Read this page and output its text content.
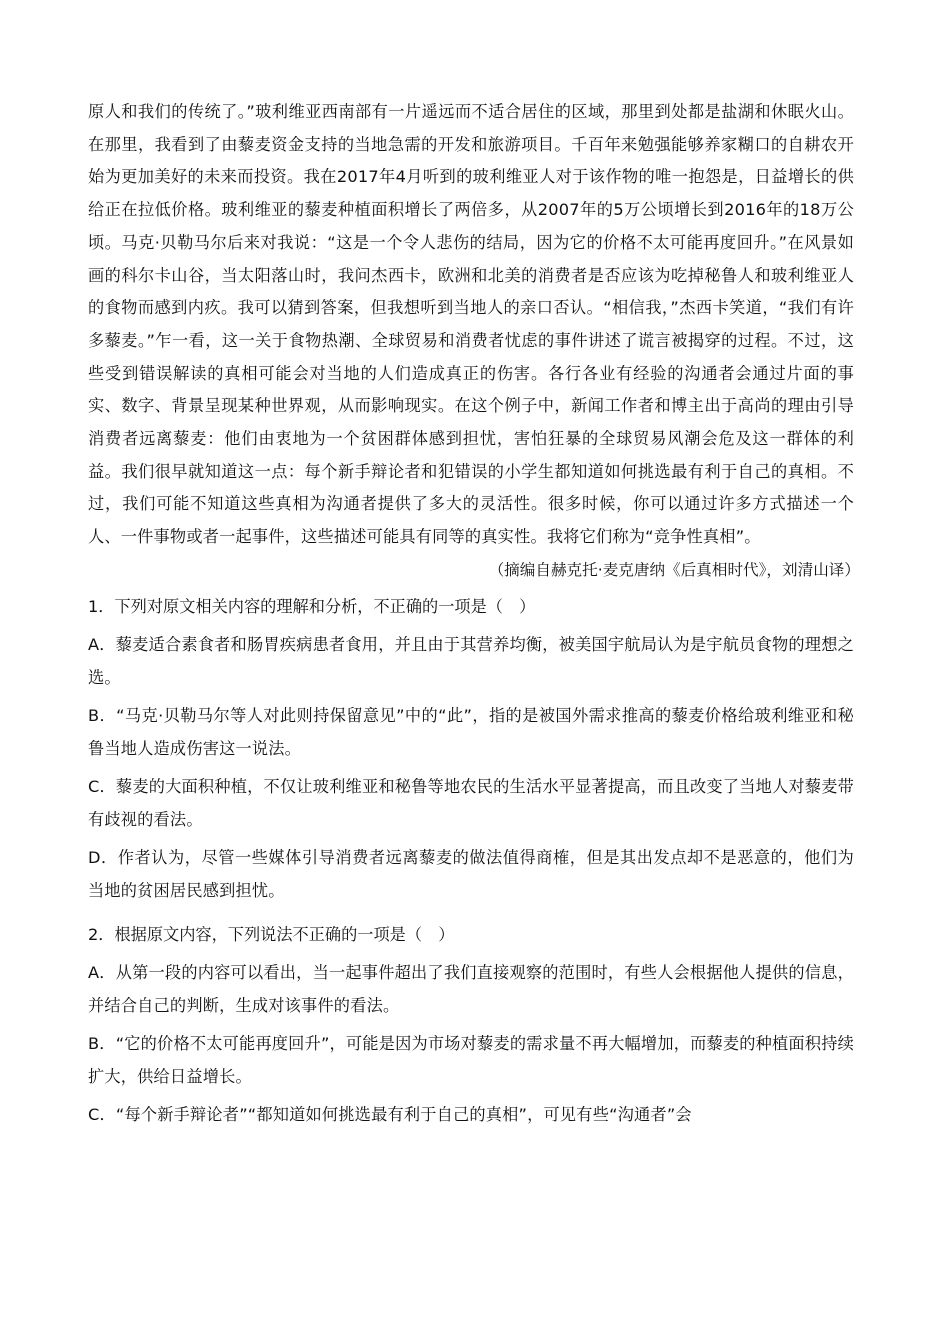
原人和我们的传统了。”玻利维亚西南部有一片遥远而不适合居住的区域，那里到处都是盐湖和休眠火山。在那里，我看到了由藜麦资金支持的当地急需的开发和旅游项目。千百年来勉强能够养家糊口的自耕农开始为更加美好的未来而投资。我在2017年4月听到的玻利维亚人对于该作物的唯一抱怨是，日益增长的供给正在拉低价格。玻利维亚的藜麦种植面积增长了两倍多，从2007年的5万公顷增长到2016年的18万公顷。马克·贝勒马尔后来对我说：“这是一个令人悲伤的结局，因为它的价格不太可能再度回升。”在风景如画的科尔卡山谷，当太阳落山时，我问杰西卡，欧洲和北美的消费者是否应该为吃掉秘鲁人和玻利维亚人的食物而感到内疚。我可以猜到答案，但我想听到当地人的亲口否认。“相信我，”杰西卡笑道，“我们有许多藜麦。”乍一看，这一关于食物热潮、全球贸易和消费者忧虑的事件讲述了谎言被揭穿的过程。不过，这些受到错误解读的真相可能会对当地的人们造成真正的伤害。各行各业有经验的沟通者会通过片面的事实、数字、背景呈现某种世界观，从而影响现实。在这个例子中，新闻工作者和博主出于高尚的理由引导消费者远离藜麦：他们由衷地为一个贫困群体感到担忧，害怕狂暴的全球贸易风潮会危及这一群体的利益。我们很早就知道这一点：每个新手辩论者和犯错误的小学生都知道如何挑选最有利于自己的真相。不过，我们可能不知道这些真相为沟通者提供了多大的灵活性。很多时候，你可以通过许多方式描述一个人、一件事物或者一起事件，这些描述可能具有同等的真实性。我将它们称为“竞争性真相”。

（摘编自赫克托·麦克唐纳《后真相时代》，刘清山译）

1．下列对原文相关内容的理解和分析，不正确的一项是（　）

A．藜麦适合素食者和肠胃疾病患者食用，并且由于其营养均衡，被美国宇航局认为是宇航员食物的理想之选。

B．“马克·贝勒马尔等人对此则持保留意见”中的“此”，指的是被国外需求推高的藜麦价格给玻利维亚和秘鲁当地人造成伤害这一说法。

C．藜麦的大面积种植，不仅让玻利维亚和秘鲁等地农民的生活水平显著提高，而且改变了当地人对藜麦带有歧视的看法。

D．作者认为，尽管一些媒体引导消费者远离藜麦的做法值得商榷，但是其出发点却不是恶意的，他们为当地的贫困居民感到担忧。

2．根据原文内容，下列说法不正确的一项是（　）

A．从第一段的内容可以看出，当一起事件超出了我们直接观察的范围时，有些人会根据他人提供的信息，并结合自己的判断，生成对该事件的看法。

B．“它的价格不太可能再度回升”，可能是因为市场对藜麦的需求量不再大幅增加，而藜麦的种植面积持续扩大，供给日益增长。

C．“每个新手辩论者”“都知道如何挑选最有利于自己的真相”，可见有些“沟通者”会
